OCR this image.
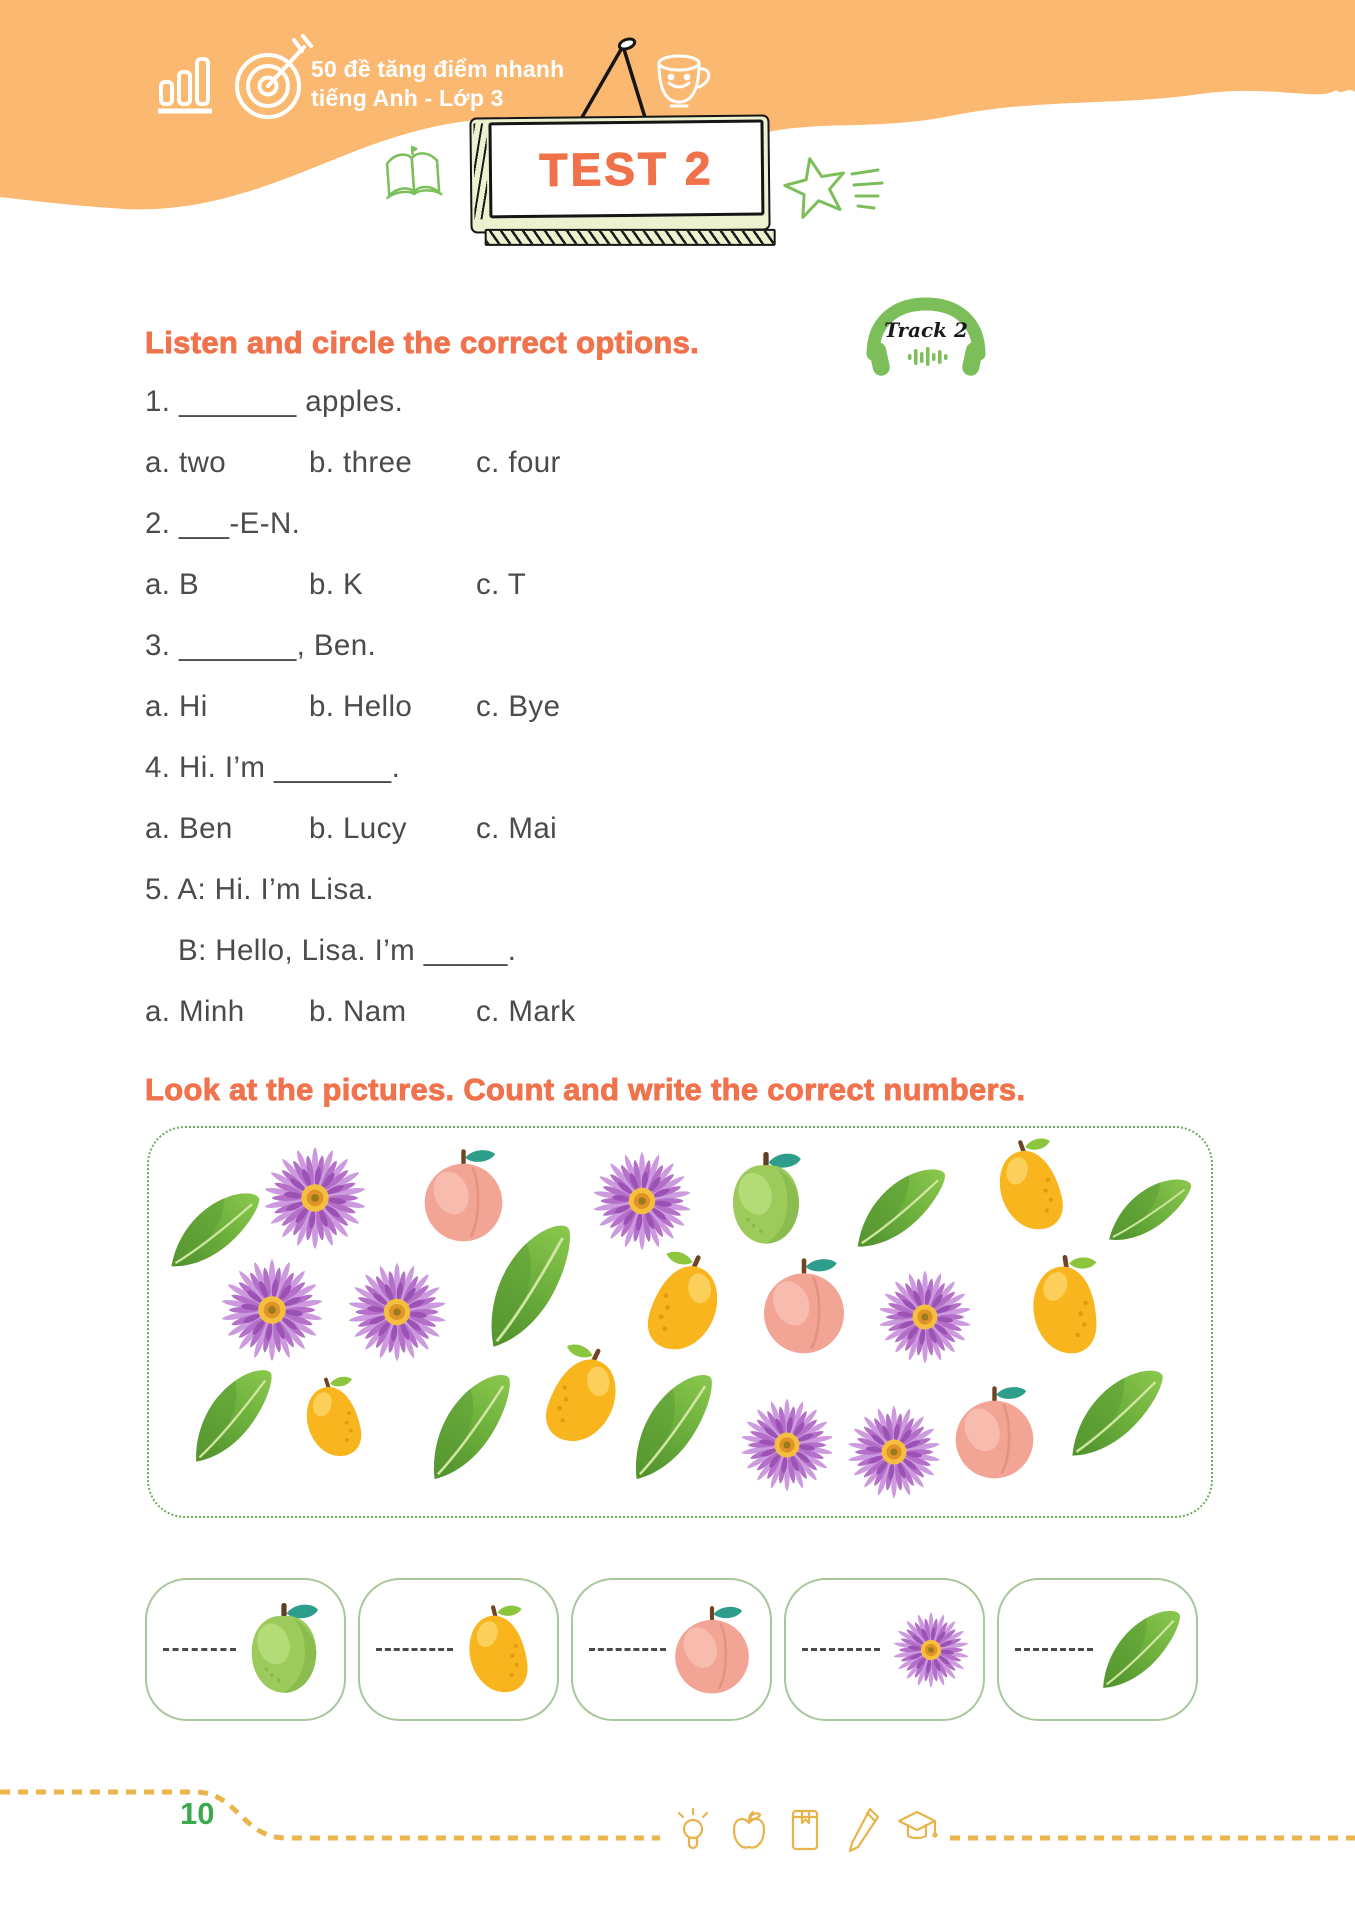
50 đề tăng điểm nhanh
tiếng Anh - Lớp 3
TEST 2
Listen and circle the correct options.	Track 2
1. _______ apples.
a. two	b. three	c. four
2. ___-E-N.
a. B	b. K	c. T
3. _______, Ben.
a. Hi	b. Hello	c. Bye
4. Hi. I’m _______.
a. Ben	b. Lucy	c. Mai
5. A: Hi. I’m Lisa.
B: Hello, Lisa. I’m _____.
a. Minh	b. Nam	c. Mark
Look at the pictures. Count and write the correct numbers.
10
